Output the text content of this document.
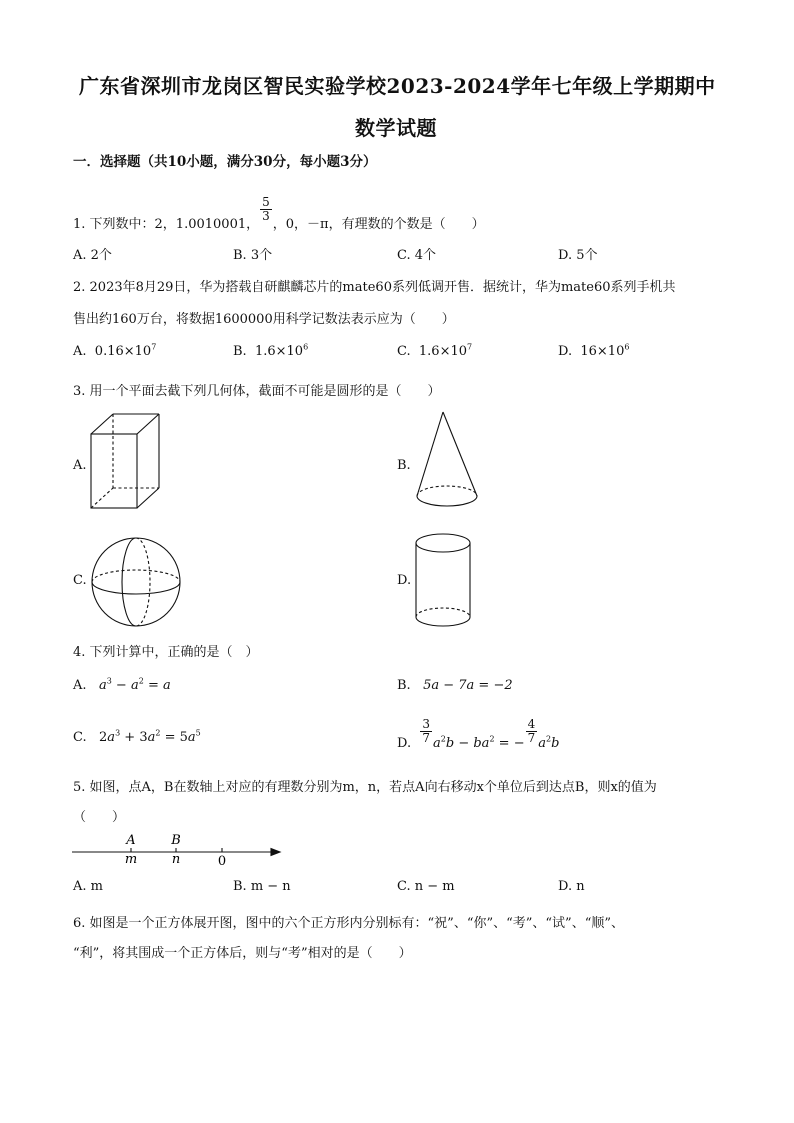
广东省深圳市龙岗区智民实验学校2023-2024学年七年级上学期期中
数学试题
一．选择题（共10小题，满分30分，每小题3分）
1. 下列数中：2，1.0010001，
$\frac{5}{3}$
，0，－π，有理数的个数是（　　）
A. 2个	B. 3个	C. 4个	D. 5个
2. 2023年8月29日，华为搭载自研麒麟芯片的mate60系列低调开售．据统计，华为mate60系列手机共
售出约160万台，将数据1600000用科学记数法表示应为（　　）
A. $0.16\times 10^7$	B. $1.6\times 10^6$	C. $1.6\times 10^7$	D. $16\times 10^6$
3. 用一个平面去截下列几何体，截面不可能是圆形的是（　　）
A.	B.
C.	D.
4. 下列计算中，正确的是（　）
A. $a^3 - a^2 = a$	B. 5a − 7a = −2
C.   $2a^3 + 3a^2 = 5a^5$
D. $\frac{3}{7} a^2b - ba^2$ = − $\frac{4}{7} a^2b$
5. 如图，点A，B在数轴上对应的有理数分别为m，n，若点A向右移动x个单位后到达点B，则x的值为
（　　）
A	B
m	n	0
A. m	B. m − n	C. n − m	D. n
6. 如图是一个正方体展开图，图中的六个正方形内分别标有：“祝”、“你”、“考”、“试”、“顺”、
“利”，将其围成一个正方体后，则与“考”相对的是（　　）
